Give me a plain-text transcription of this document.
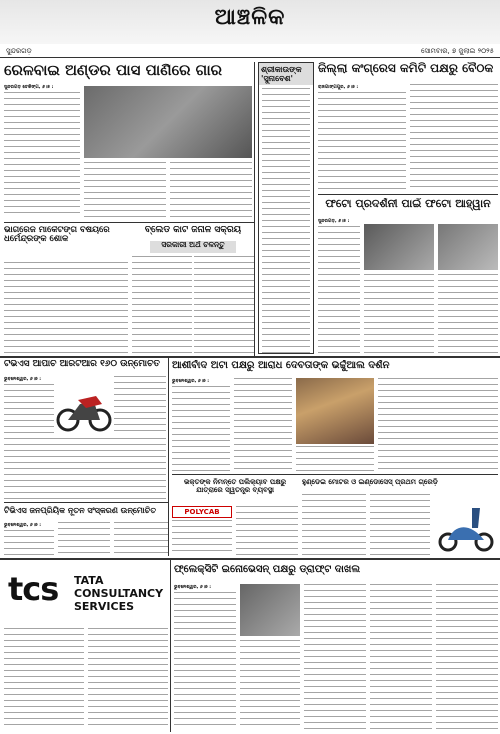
ଆଞ୍ଚଳିକ
ସୁନ୍ଦରଗଡ଼	ସୋମବାର, ୭ ଜୁଲାଇ ୨୦୨୫
ରେଳବାଇ ଅଣ୍ଡର ପାସ ପାଣିରେ ଗାର
ସୁନ୍ଦରଗଡ଼ ଚେକିଙ୍ଗ, ୬।୭ :
ଶ୍ରୀକାଉଙ୍କ 'ସୁନାବେଶ'
ଜିଲ୍ଲା କଂଗ୍ରେସ କମିଟି ପକ୍ଷରୁ ବୈଠକ
ରାଜଗାଙ୍ଗପୁର, ୬।୭ :
ଫଟୋ ପ୍ରଦର୍ଶନୀ ପାଇଁ ଫଟୋ ଆହ୍ୱାନ
ସୁନ୍ଦରଗଡ଼, ୬।୭ :
ଭାଗିରେଜ ମାର୍କେଟିଙ୍ଗ ବିଷୟରେ ଧର୍ମେନ୍ଦ୍ରଙ୍କ ଶୋକ
ବ୍ଲେଡ କାର୍ଟ ଜନାଳ ସକ୍ରିୟ
ସରକାରୀ ଅର୍ଥ ଚଳନ୍ତୁ
ଟିଭିଏସ ଆପାଚି ଆରଟିଆର ୧୬୦ ଉନ୍ମୋଚିତ
ଭୁବନେଶ୍ୱର, ୬।୭ :
ଆଶୀର୍ବାଦ ଅଟା ପକ୍ଷରୁ ଆରାଧ ଦେବତାଙ୍କ ଭର୍ଚ୍ଚୁଆଲ ଦର୍ଶନ
ଭୁବନେଶ୍ୱର, ୬।୭ :
ଭକ୍ତଙ୍କ ନିମନ୍ତେ ପଲିକ୍ୟାବ ପକ୍ଷରୁ ଯାତ୍ରାରେ ସ୍ୱତନ୍ତ୍ର ବ୍ୟବସ୍ଥା
POLYCAB
ହୁଣ୍ଡେଇ ମୋଟର ଓ ଇଣ୍ଡୋସେସ୍ ପ୍ରଥମ ଗ୍ରେଡ଼ି
ଟିଭିଏସ ଜନପ୍ରିୟିକ ନୂତନ ସଂସ୍କରଣ ଉନ୍ମୋଚିତ
ଭୁବନେଶ୍ୱର, ୬।୭ :
tcs TATA
CONSULTANCY
SERVICES
ଫ୍ଲେକ୍ସିଟି ଇନୋଭେସନ୍ ପକ୍ଷରୁ ଡ୍ରାଫ୍ଟ ଦାଖଲ
ଭୁବନେଶ୍ୱର, ୬।୭ :
